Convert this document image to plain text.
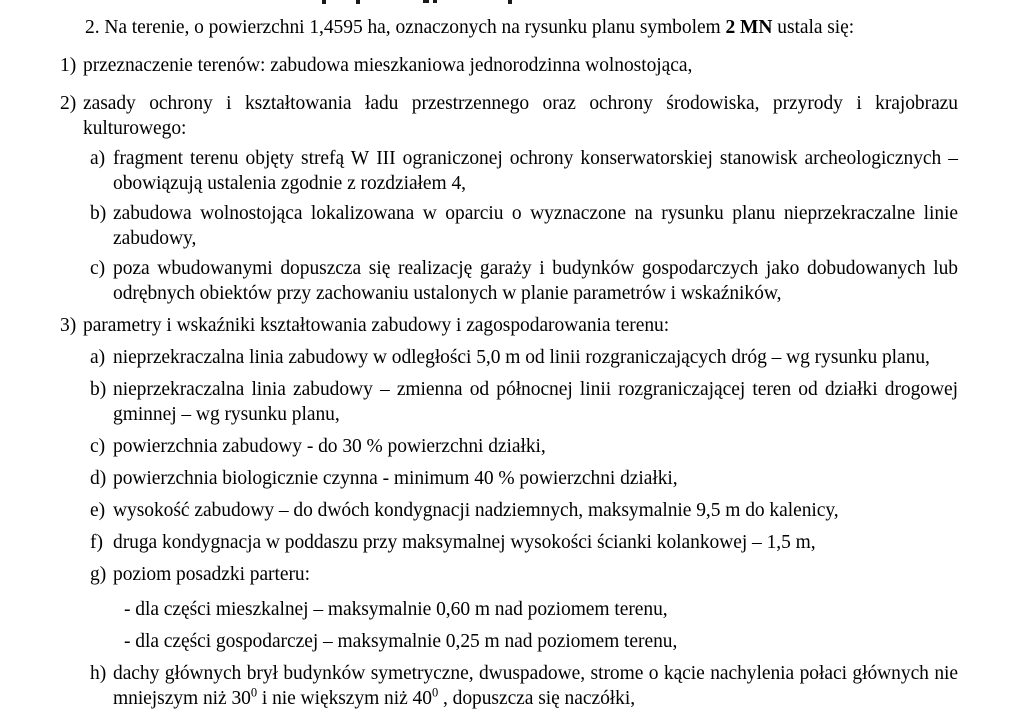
2. Na terenie, o powierzchni 1,4595 ha, oznaczonych na rysunku planu symbolem 2 MN ustala się:

1) przeznaczenie terenów: zabudowa mieszkaniowa jednorodzinna wolnostojąca,
2) zasady ochrony i kształtowania ładu przestrzennego oraz ochrony środowiska, przyrody i krajobrazu
kulturowego:
a) fragment terenu objęty strefą W III ograniczonej ochrony konserwatorskiej stanowisk archeologicznych –
obowiązują ustalenia zgodnie z rozdziałem 4,
b) zabudowa wolnostojąca lokalizowana w oparciu o wyznaczone na rysunku planu nieprzekraczalne linie
zabudowy,
c) poza wbudowanymi dopuszcza się realizację garaży i budynków gospodarczych jako dobudowanych lub
odrębnych obiektów przy zachowaniu ustalonych w planie parametrów i wskaźników,
3) parametry i wskaźniki kształtowania zabudowy i zagospodarowania terenu:
a) nieprzekraczalna linia zabudowy w odległości 5,0 m od linii rozgraniczających dróg – wg rysunku planu,
b) nieprzekraczalna linia zabudowy – zmienna od północnej linii rozgraniczającej teren od działki drogowej
gminnej – wg rysunku planu,
c) powierzchnia zabudowy - do 30 % powierzchni działki,
d) powierzchnia biologicznie czynna - minimum 40 % powierzchni działki,
e) wysokość zabudowy – do dwóch kondygnacji nadziemnych, maksymalnie 9,5 m do kalenicy,
f) druga kondygnacja w poddaszu przy maksymalnej wysokości ścianki kolankowej – 1,5 m,
g) poziom posadzki parteru:
- dla części mieszkalnej – maksymalnie 0,60 m nad poziomem terenu,
- dla części gospodarczej – maksymalnie 0,25 m nad poziomem terenu,
h) dachy głównych brył budynków symetryczne, dwuspadowe, strome o kącie nachylenia połaci głównych nie
mniejszym niż $30^0$ i nie większym niż $40^0$ , dopuszcza się naczółki,
